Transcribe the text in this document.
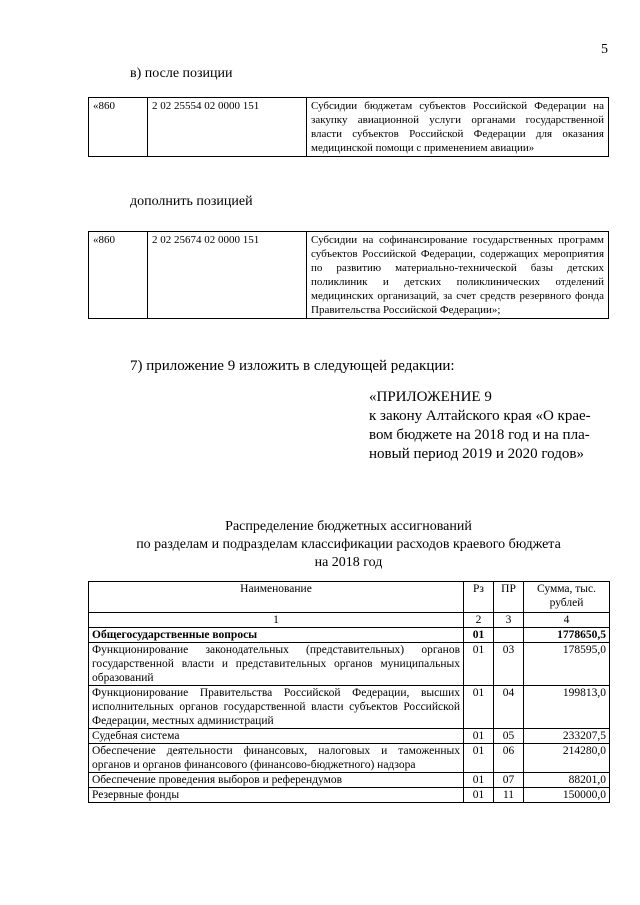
5
в) после позиции
«860	2 02 25554 02 0000 151	Субсидии бюджетам субъектов Российской Федерации на закупку авиационной услуги органами государственной власти субъектов Российской Федерации для оказания медицинской помощи с применением авиации»
дополнить позицией
«860	2 02 25674 02 0000 151	Субсидии на софинансирование государственных программ субъектов Российской Федерации, содержащих мероприятия по развитию материально-технической базы детских поликлиник и детских поликлинических отделений медицинских организаций, за счет средств резервного фонда Правительства Российской Федерации»;
7) приложение 9 изложить в следующей редакции:
«ПРИЛОЖЕНИЕ 9
к закону Алтайского края «О крае-
вом бюджете на 2018 год и на пла-
новый период 2019 и 2020 годов»
Распределение бюджетных ассигнований
по разделам и подразделам классификации расходов краевого бюджета
на 2018 год
Наименование	Рз	ПР	Сумма, тыс. рублей
1	2	3	4
Общегосударственные вопросы	01		1778650,5
Функционирование законодательных (представительных) органов государственной власти и представительных органов муниципальных образований	01	03	178595,0
Функционирование Правительства Российской Федерации, высших исполнительных органов государственной власти субъектов Российской Федерации, местных администраций	01	04	199813,0
Судебная система	01	05	233207,5
Обеспечение деятельности финансовых, налоговых и таможенных органов и органов финансового (финансово-бюджетного) надзора	01	06	214280,0
Обеспечение проведения выборов и референдумов	01	07	88201,0
Резервные фонды	01	11	150000,0
